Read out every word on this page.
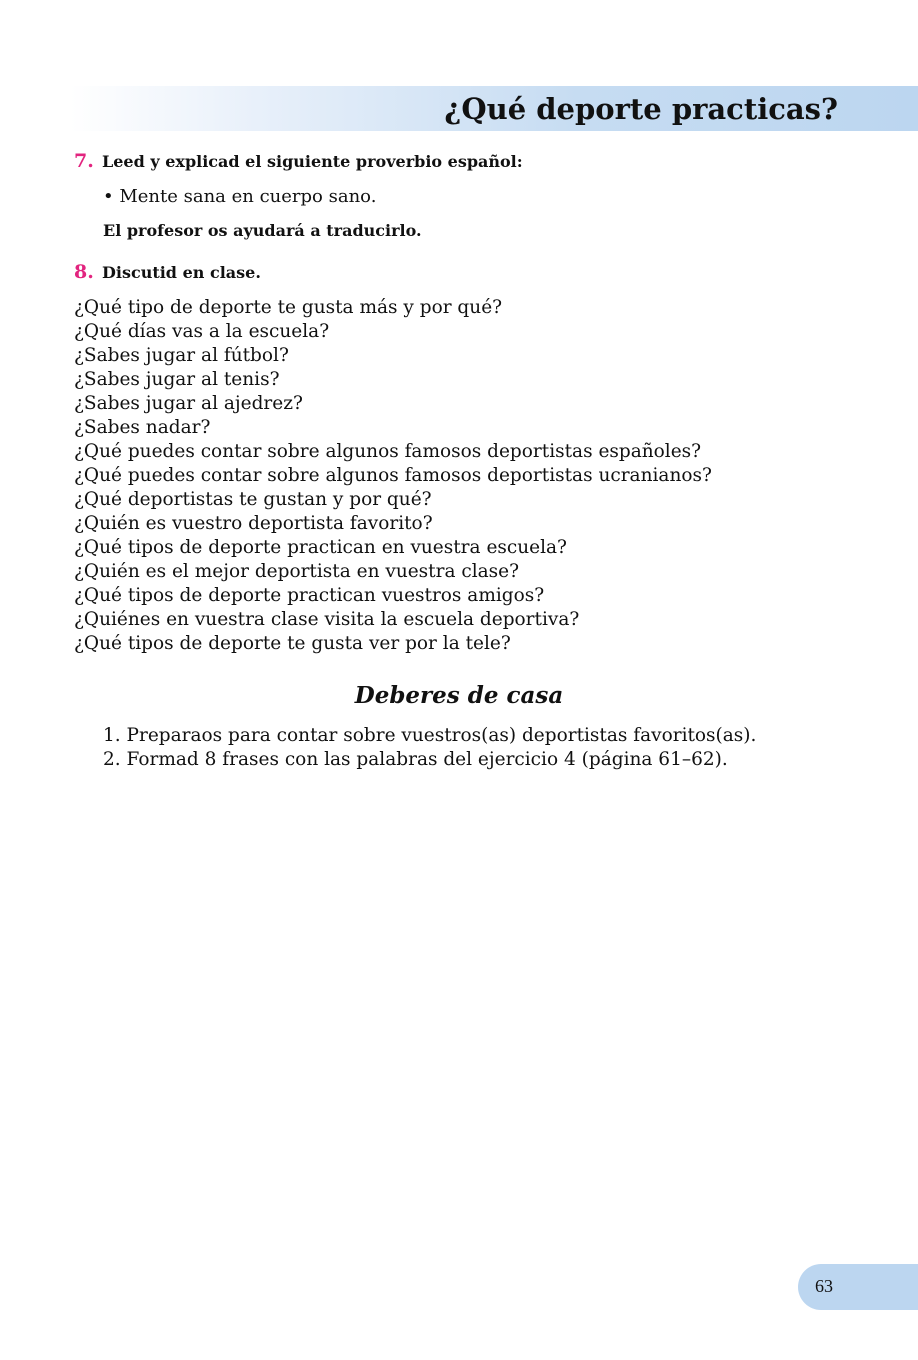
¿Qué deporte practicas?
7. Leed y explicad el siguiente proverbio español:
• Mente sana en cuerpo sano.
El profesor os ayudará a traducirlo.
8. Discutid en clase.
¿Qué tipo de deporte te gusta más y por qué?
¿Qué días vas a la escuela?
¿Sabes jugar al fútbol?
¿Sabes jugar al tenis?
¿Sabes jugar al ajedrez?
¿Sabes nadar?
¿Qué puedes contar sobre algunos famosos deportistas españoles?
¿Qué puedes contar sobre algunos famosos deportistas ucranianos?
¿Qué deportistas te gustan y por qué?
¿Quién es vuestro deportista favorito?
¿Qué tipos de deporte practican en vuestra escuela?
¿Quién es el mejor deportista en vuestra clase?
¿Qué tipos de deporte practican vuestros amigos?
¿Quiénes en vuestra clase visita la escuela deportiva?
¿Qué tipos de deporte te gusta ver por la tele?
Deberes de casa
1. Preparaos para contar sobre vuestros(as) deportistas favoritos(as).
2. Formad 8 frases con las palabras del ejercicio 4 (página 61–62).
63
